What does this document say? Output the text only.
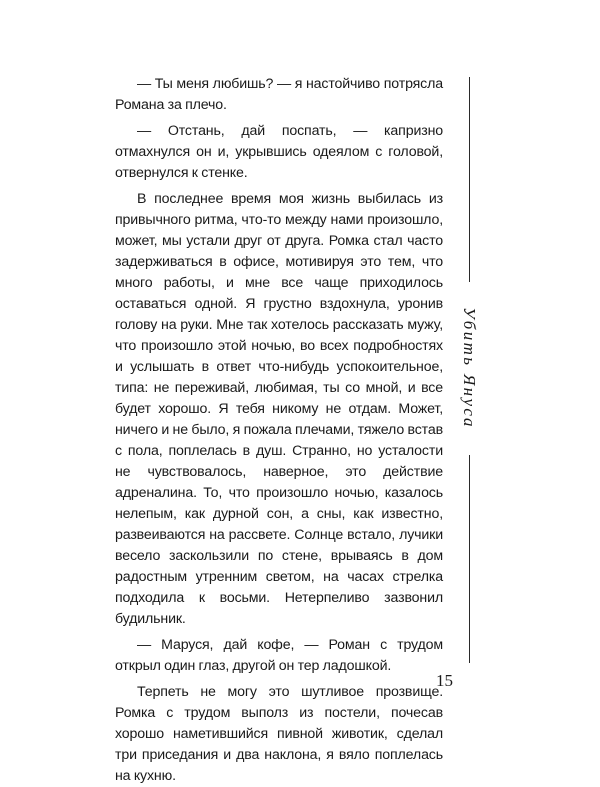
— Ты меня любишь? — я настойчиво потрясла Романа за плечо.

— Отстань, дай поспать, — капризно отмахнулся он и, укрывшись одеялом с головой, отвернулся к стенке.

В последнее время моя жизнь выбилась из привычного ритма, что-то между нами произошло, может, мы устали друг от друга. Ромка стал часто задерживаться в офисе, мотивируя это тем, что много работы, и мне все чаще приходилось оставаться одной. Я грустно вздохнула, уронив голову на руки. Мне так хотелось рассказать мужу, что произошло этой ночью, во всех подробностях и услышать в ответ что-нибудь успокоительное, типа: не переживай, любимая, ты со мной, и все будет хорошо. Я тебя никому не отдам. Может, ничего и не было, я пожала плечами, тяжело встав с пола, поплелась в душ. Странно, но усталости не чувствовалось, наверное, это действие адреналина. То, что произошло ночью, казалось нелепым, как дурной сон, а сны, как известно, развеиваются на рассвете. Солнце встало, лучики весело заскользили по стене, врываясь в дом радостным утренним светом, на часах стрелка подходила к восьми. Нетерпеливо зазвонил будильник.

— Маруся, дай кофе, — Роман с трудом открыл один глаз, другой он тер ладошкой.

Терпеть не могу это шутливое прозвище. Ромка с трудом выполз из постели, почесав хорошо наметившийся пивной животик, сделал три приседания и два наклона, я вяло поплелась на кухню.

Убить Януса
15
